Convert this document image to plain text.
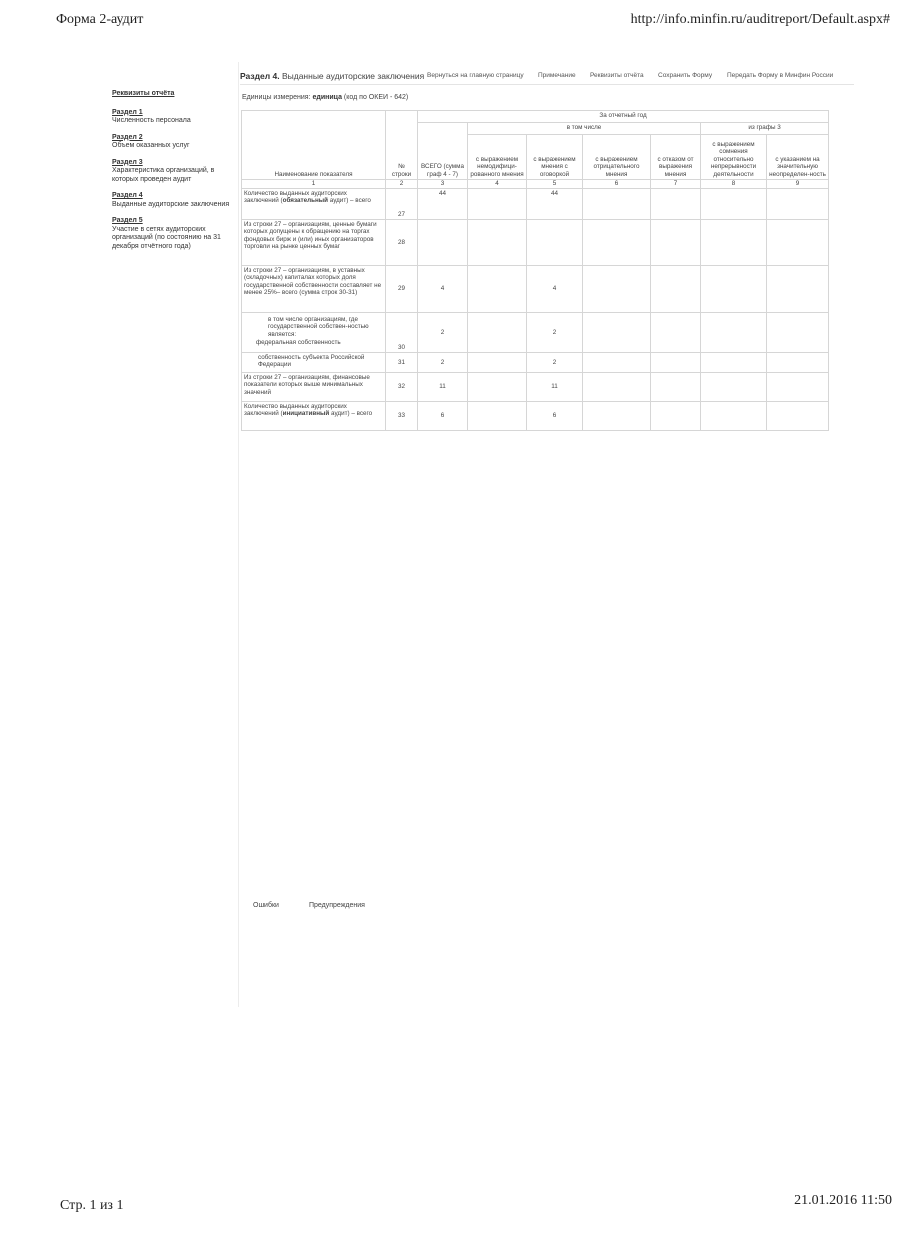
Форма 2-аудит	http://info.minfin.ru/auditreport/Default.aspx#
Стр. 1 из 1	21.01.2016 11:50
Реквизиты отчёта
Раздел 1
Численность персонала
Раздел 2
Объем оказанных услуг
Раздел 3
Характеристика организаций, в которых проведен аудит
Раздел 4
Выданные аудиторские заключения
Раздел 5
Участие в сетях аудиторских организаций (по состоянию на 31 декабря отчётного года)
Раздел 4. Выданные аудиторские заключения Вернуться на главную страницу Примечание Реквизиты отчёта Сохранить Форму Передать Форму в Минфин России
Единицы измерения: единица (код по ОКЕИ - 642)
Наименование показателя	№ строки	За отчетный год						
		ВСЕГО (сумма граф 4 - 7)	в том числе				из графы 3	
			с выражением немодифици-рованного мнения	с выражением мнения с оговоркой	с выражением отрицательного мнения	с отказом от выражения мнения	с выражением сомнения относительно непрерывности деятельности	с указанием на значительную неопределен-ность
1	2	3	4	5	6	7	8	9
Количество выданных аудиторских заключений (обязательный аудит) – всего	27	44		44				
Из строки 27 – организациям, ценные бумаги которых допущены к обращению на торгах фондовых бирж и (или) иных организаторов торговли на рынке ценных бумаг	28							
Из строки 27 – организациям, в уставных (складочных) капиталах которых доля государственной собственности составляет не менее 25%– всего (сумма строк 30-31)	29	4		4				

в том числе организациям, где государственной собствен-ностью является:
федеральная собственность	30	2		2				
собственность субъекта Российской Федерации	31	2		2				
Из строки 27 – организациям, финансовые показатели которых выше минимальных значений	32	11		11				
Количество выданных аудиторских заключений (инициативный аудит) – всего	33	6		6				
Ошибки	Предупреждения
